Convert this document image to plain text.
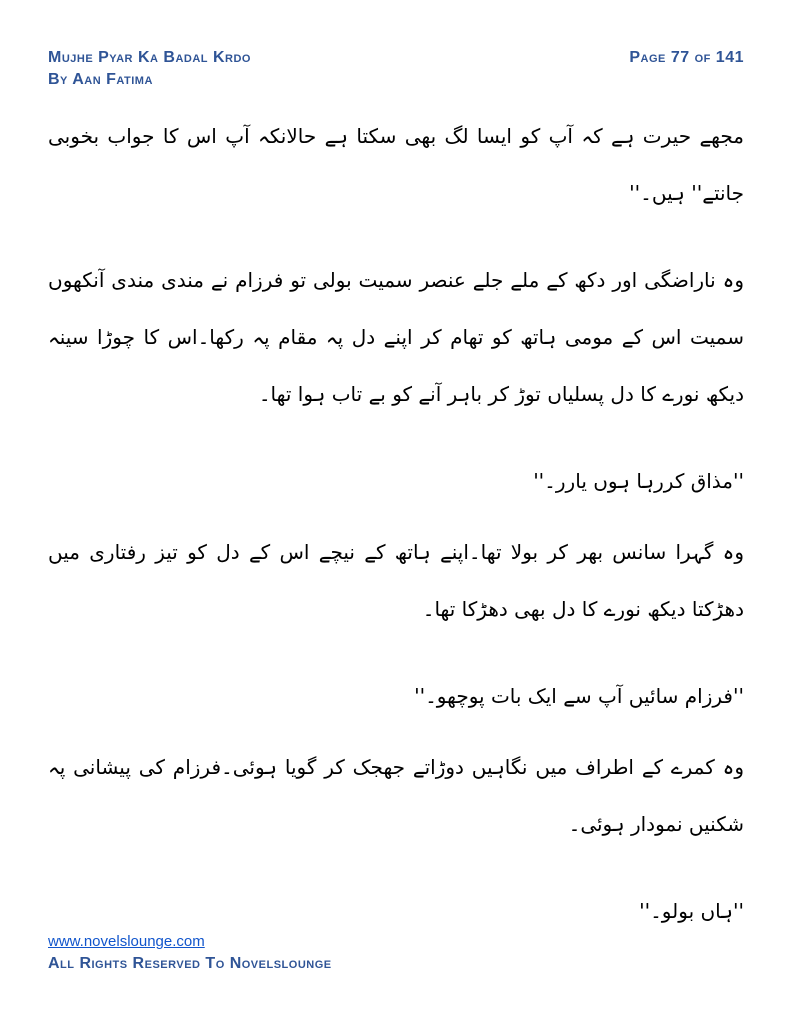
Mujhe Pyar Ka Badal Krdo
By Aan Fatima
Page 77 of 141

مجھے حیرت ہے کہ آپ کو ایسا لگ بھی سکتا ہے حالانکہ آپ اس کا جواب بخوبی جانتے'' ہیں۔''

وہ ناراضگی اور دکھ کے ملے جلے عنصر سمیت بولی تو فرزام نے مندی مندی آنکھوں سمیت اس کے مومی ہاتھ کو تھام کر اپنے دل پہ مقام پہ رکھا۔اس کا چوڑا سینہ دیکھ نورے کا دل پسلیاں توڑ کر باہر آنے کو بے تاب ہوا تھا۔

''مذاق کررہا ہوں یارر۔''

وہ گہرا سانس بھر کر بولا تھا۔اپنے ہاتھ کے نیچے اس کے دل کو تیز رفتاری میں دھڑکتا دیکھ نورے کا دل بھی دھڑکا تھا۔

''فرزام سائیں آپ سے ایک بات پوچھو۔''

وہ کمرے کے اطراف میں نگاہیں دوڑاتے جھجک کر گویا ہوئی۔فرزام کی پیشانی پہ شکنیں نمودار ہوئی۔

''ہاں بولو۔''

www.novelslounge.com
All Rights Reserved To Novelslounge
